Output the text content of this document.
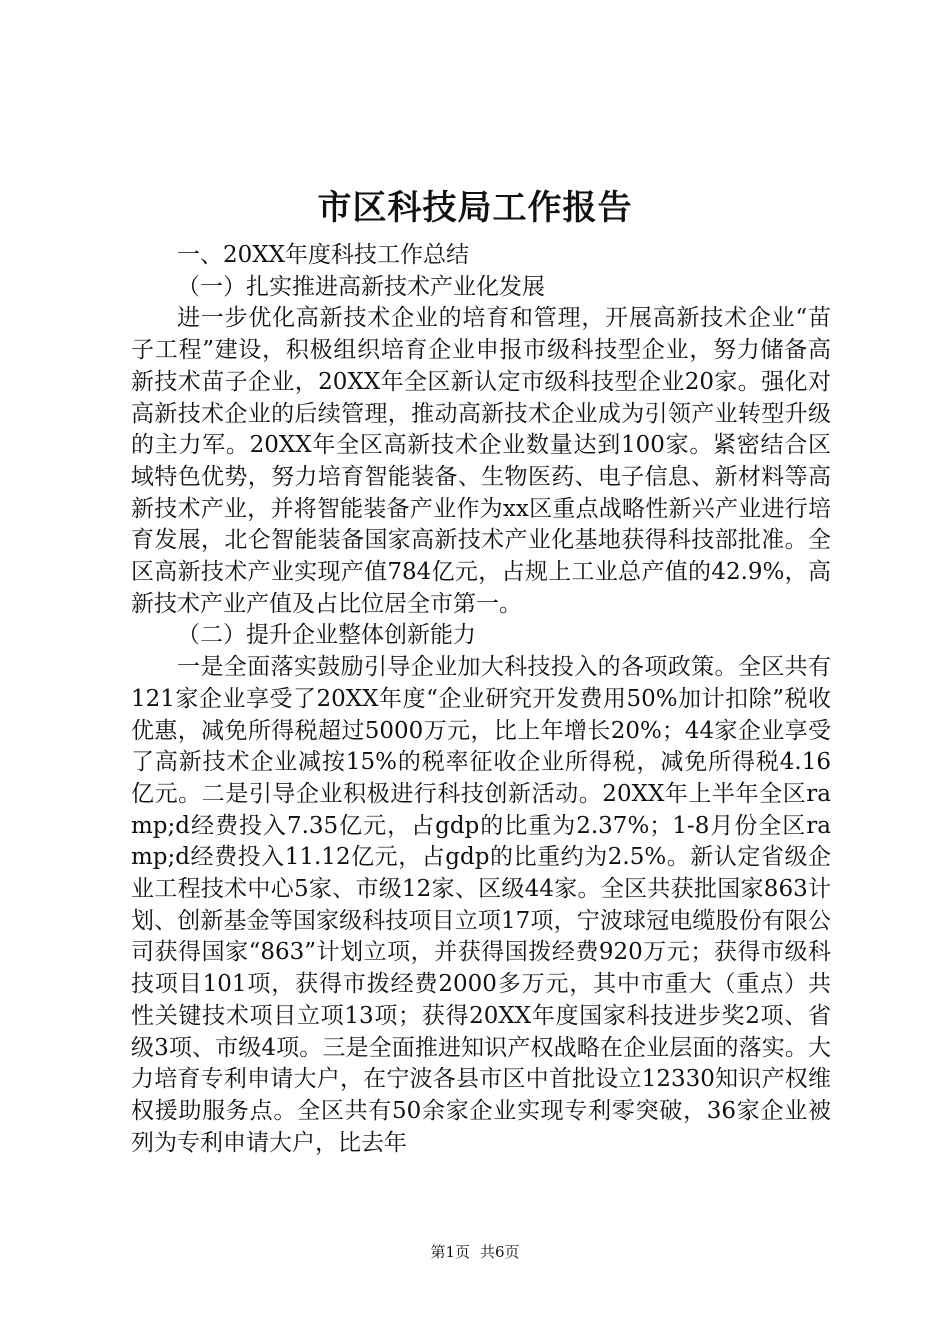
市区科技局工作报告

一、20XX年度科技工作总结

（一）扎实推进高新技术产业化发展

进一步优化高新技术企业的培育和管理，开展高新技术企业“苗子工程”建设，积极组织培育企业申报市级科技型企业，努力储备高新技术苗子企业，20XX年全区新认定市级科技型企业20家。强化对高新技术企业的后续管理，推动高新技术企业成为引领产业转型升级的主力军。20XX年全区高新技术企业数量达到100家。紧密结合区域特色优势，努力培育智能装备、生物医药、电子信息、新材料等高新技术产业，并将智能装备产业作为xx区重点战略性新兴产业进行培育发展，北仑智能装备国家高新技术产业化基地获得科技部批准。全区高新技术产业实现产值784亿元，占规上工业总产值的42.9%，高新技术产业产值及占比位居全市第一。

（二）提升企业整体创新能力

一是全面落实鼓励引导企业加大科技投入的各项政策。全区共有121家企业享受了20XX年度“企业研究开发费用50%加计扣除”税收优惠，减免所得税超过5000万元，比上年增长20%；44家企业享受了高新技术企业减按15%的税率征收企业所得税，减免所得税4.16亿元。二是引导企业积极进行科技创新活动。20XX年上半年全区ramp;d经费投入7.35亿元，占gdp的比重为2.37%；1-8月份全区ramp;d经费投入11.12亿元，占gdp的比重约为2.5%。新认定省级企业工程技术中心5家、市级12家、区级44家。全区共获批国家863计划、创新基金等国家级科技项目立项17项，宁波球冠电缆股份有限公司获得国家“863”计划立项，并获得国拨经费920万元；获得市级科技项目101项，获得市拨经费2000多万元，其中市重大（重点）共性关键技术项目立项13项；获得20XX年度国家科技进步奖2项、省级3项、市级4项。三是全面推进知识产权战略在企业层面的落实。大力培育专利申请大户，在宁波各县市区中首批设立12330知识产权维权援助服务点。全区共有50余家企业实现专利零突破，36家企业被列为专利申请大户，比去年

第1页 共6页
